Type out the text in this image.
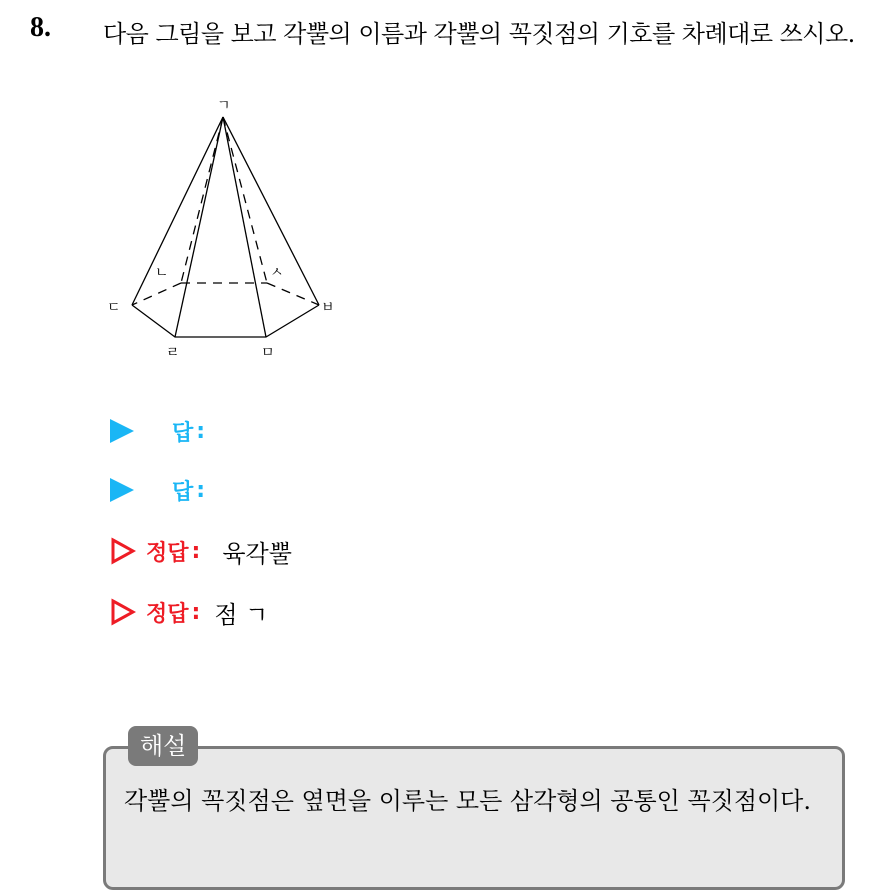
8. 다음 그림을 보고 각뿔의 이름과 각뿔의 꼭짓점의 기호를 차례대로 쓰시오.
ㄱ
ㄴ
ㄷ
ㄹ	ㅁ
ㅂ
ㅅ
답 :
답 :
정답 : 육각뿔
정답 : 점 ㄱ
각뿔의 꼭짓점은 옆면을 이루는 모든 삼각형의 공통인 꼭짓점이다.
해설
